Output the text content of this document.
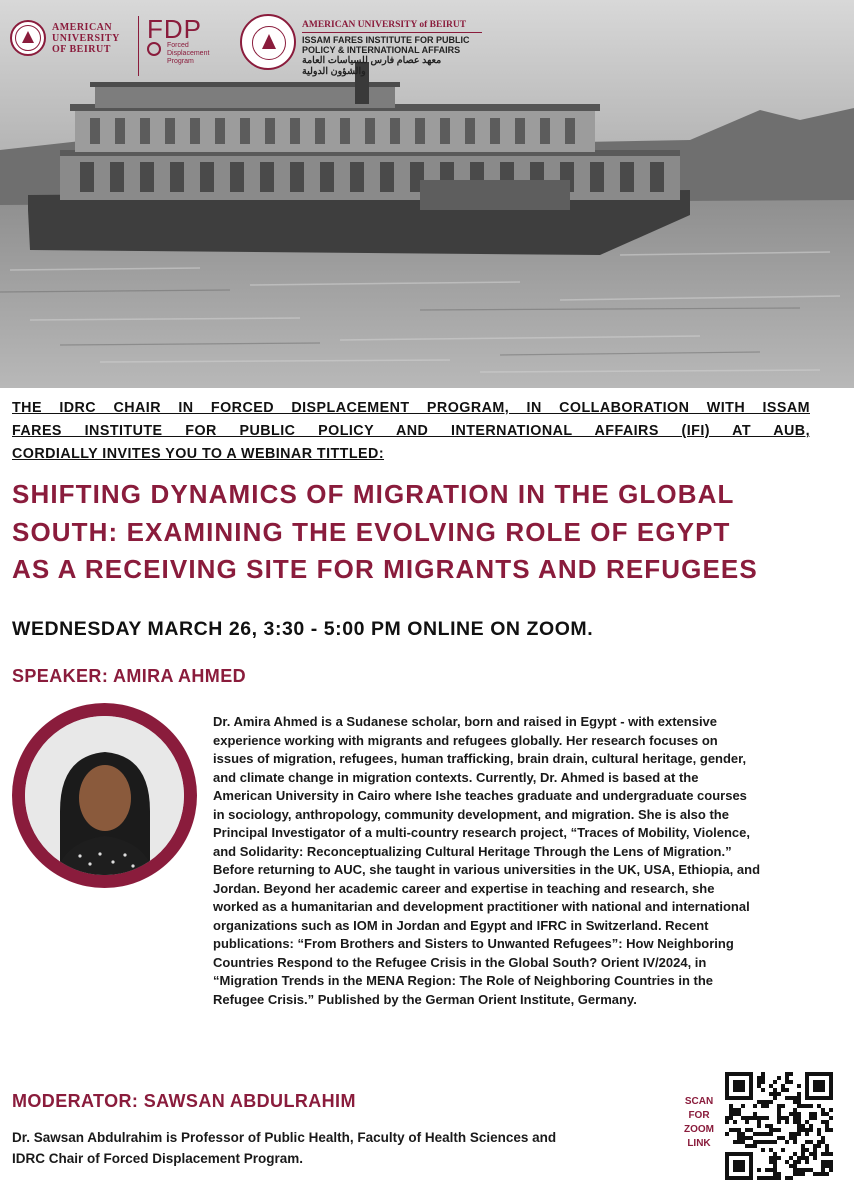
AMERICAN
UNIVERSITY
OF BEIRUT
FDP
Forced
Displacement
Program
AMERICAN UNIVERSITY of BEIRUT
ISSAM FARES INSTITUTE FOR PUBLIC
POLICY & INTERNATIONAL AFFAIRS
معهد عصام فارس للسياسات العامة
والشؤون الدولية
THE IDRC CHAIR IN FORCED DISPLACEMENT PROGRAM, IN COLLABORATION WITH ISSAM
FARES INSTITUTE FOR PUBLIC POLICY AND INTERNATIONAL AFFAIRS (IFI) AT AUB,
CORDIALLY INVITES YOU TO A WEBINAR TITTLED:
SHIFTING DYNAMICS OF MIGRATION IN THE GLOBAL
SOUTH: EXAMINING THE EVOLVING ROLE OF EGYPT
AS A RECEIVING SITE FOR MIGRANTS AND REFUGEES
WEDNESDAY MARCH 26, 3:30 - 5:00 PM ONLINE ON ZOOM.
SPEAKER: AMIRA AHMED
Dr. Amira Ahmed is a Sudanese scholar, born and raised in Egypt - with extensive
experience working with migrants and refugees globally. Her research focuses on
issues of migration, refugees, human trafficking, brain drain, cultural heritage, gender,
and climate change in migration contexts. Currently, Dr. Ahmed is based at the
American University in Cairo where Ishe teaches graduate and undergraduate courses
in sociology, anthropology, community development, and migration. She is also the
Principal Investigator of a multi-country research project, “Traces of Mobility, Violence,
and Solidarity: Reconceptualizing Cultural Heritage Through the Lens of Migration.”
Before returning to AUC, she taught in various universities in the UK, USA, Ethiopia, and
Jordan. Beyond her academic career and expertise in teaching and research, she
worked as a humanitarian and development practitioner with national and international
organizations such as IOM in Jordan and Egypt and IFRC in Switzerland. Recent
publications: “From Brothers and Sisters to Unwanted Refugees”: How Neighboring
Countries Respond to the Refugee Crisis in the Global South? Orient IV/2024, in
“Migration Trends in the MENA Region: The Role of Neighboring Countries in the
Refugee Crisis.” Published by the German Orient Institute, Germany.
MODERATOR: SAWSAN ABDULRAHIM
Dr. Sawsan Abdulrahim is Professor of Public Health, Faculty of Health Sciences and
IDRC Chair of Forced Displacement Program.
SCAN
FOR
ZOOM
LINK
